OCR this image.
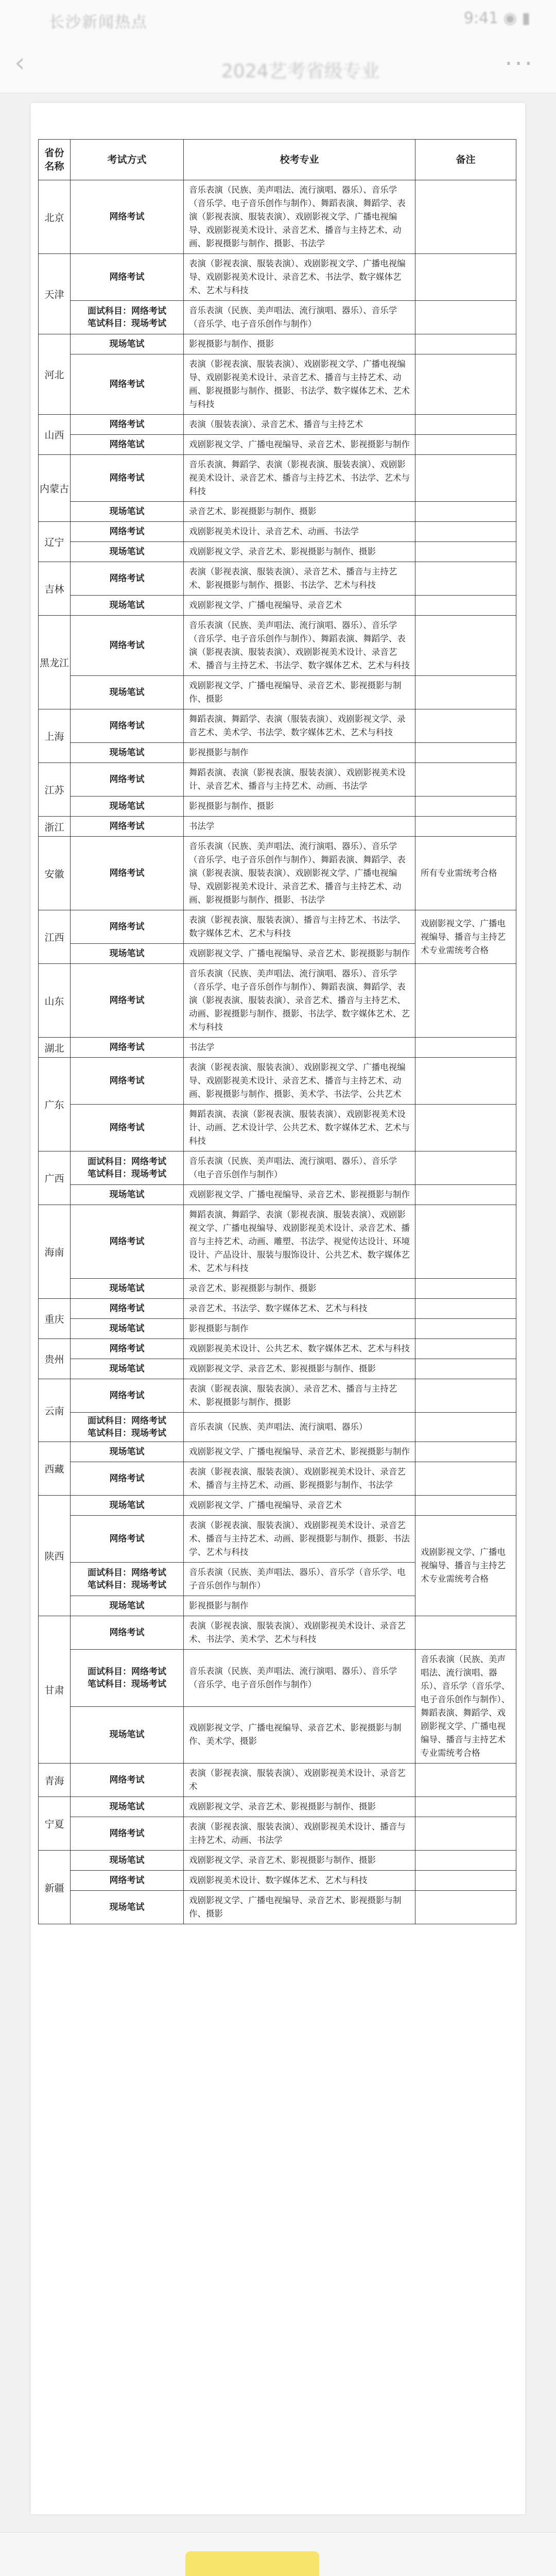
长沙新闻热点	9:41 ◉ ▮
‹	2024艺考省级专业	···
省份
名称	考试方式	校考专业	备注
北京	网络考试	音乐表演（民族、美声唱法、流行演唱、器乐）、音乐学（音乐学、电子音乐创作与制作）、舞蹈表演、舞蹈学、表演（影视表演、服装表演）、戏剧影视文学、广播电视编导、戏剧影视美术设计、录音艺术、播音与主持艺术、动画、影视摄影与制作、摄影、书法学	
天津	网络考试	表演（影视表演、服装表演）、戏剧影视文学、广播电视编导、戏剧影视美术设计、录音艺术、书法学、数字媒体艺术、艺术与科技	
	面试科目：网络考试
笔试科目：现场考试	音乐表演（民族、美声唱法、流行演唱、器乐）、音乐学（音乐学、电子音乐创作与制作）	
河北	现场笔试	影视摄影与制作、摄影	
	网络考试	表演（影视表演、服装表演）、戏剧影视文学、广播电视编导、戏剧影视美术设计、录音艺术、播音与主持艺术、动画、影视摄影与制作、摄影、书法学、数字媒体艺术、艺术与科技	
山西	网络考试	表演（服装表演）、录音艺术、播音与主持艺术	
	网络笔试	戏剧影视文学、广播电视编导、录音艺术、影视摄影与制作	
内蒙古	网络考试	音乐表演、舞蹈学、表演（影视表演、服装表演）、戏剧影视美术设计、录音艺术、播音与主持艺术、书法学、艺术与科技	
	现场笔试	录音艺术、影视摄影与制作、摄影	
辽宁	网络考试	戏剧影视美术设计、录音艺术、动画、书法学	
	现场笔试	戏剧影视文学、录音艺术、影视摄影与制作、摄影	
吉林	网络考试	表演（影视表演、服装表演）、录音艺术、播音与主持艺术、影视摄影与制作、摄影、书法学、艺术与科技	
	现场笔试	戏剧影视文学、广播电视编导、录音艺术	
黑龙江	网络考试	音乐表演（民族、美声唱法、流行演唱、器乐）、音乐学（音乐学、电子音乐创作与制作）、舞蹈表演、舞蹈学、表演（影视表演、服装表演）、戏剧影视美术设计、录音艺术、播音与主持艺术、书法学、数字媒体艺术、艺术与科技	
	现场笔试	戏剧影视文学、广播电视编导、录音艺术、影视摄影与制作、摄影	
上海	网络考试	舞蹈表演、舞蹈学、表演（服装表演）、戏剧影视文学、录音艺术、美术学、书法学、数字媒体艺术、艺术与科技	
	现场笔试	影视摄影与制作	
江苏	网络考试	舞蹈表演、表演（影视表演、服装表演）、戏剧影视美术设计、录音艺术、播音与主持艺术、动画、书法学	
	现场笔试	影视摄影与制作、摄影	
浙江	网络考试	书法学	
安徽	网络考试	音乐表演（民族、美声唱法、流行演唱、器乐）、音乐学（音乐学、电子音乐创作与制作）、舞蹈表演、舞蹈学、表演（影视表演、服装表演）、戏剧影视文学、广播电视编导、戏剧影视美术设计、录音艺术、播音与主持艺术、动画、影视摄影与制作、摄影、书法学	所有专业需统考合格
江西	网络考试	表演（影视表演、服装表演）、播音与主持艺术、书法学、数字媒体艺术、艺术与科技	戏剧影视文学、广播电视编导、播音与主持艺术专业需统考合格
	现场笔试	戏剧影视文学、广播电视编导、录音艺术、影视摄影与制作	
山东	网络考试	音乐表演（民族、美声唱法、流行演唱、器乐）、音乐学（音乐学、电子音乐创作与制作）、舞蹈表演、舞蹈学、表演（影视表演、服装表演）、录音艺术、播音与主持艺术、动画、影视摄影与制作、摄影、书法学、数字媒体艺术、艺术与科技	
湖北	网络考试	书法学	
广东	网络考试	表演（影视表演、服装表演）、戏剧影视文学、广播电视编导、戏剧影视美术设计、录音艺术、播音与主持艺术、动画、影视摄影与制作、摄影、美术学、书法学、公共艺术	
	网络考试	舞蹈表演、表演（影视表演、服装表演）、戏剧影视美术设计、动画、艺术设计学、公共艺术、数字媒体艺术、艺术与科技	
广西	面试科目：网络考试
笔试科目：现场考试	音乐表演（民族、美声唱法、流行演唱、器乐）、音乐学（电子音乐创作与制作）	
	现场笔试	戏剧影视文学、广播电视编导、录音艺术、影视摄影与制作	
海南	网络考试	舞蹈表演、舞蹈学、表演（影视表演、服装表演）、戏剧影视文学、广播电视编导、戏剧影视美术设计、录音艺术、播音与主持艺术、动画、雕塑、书法学、视觉传达设计、环境设计、产品设计、服装与服饰设计、公共艺术、数字媒体艺术、艺术与科技	
	现场笔试	录音艺术、影视摄影与制作、摄影	
重庆	网络考试	录音艺术、书法学、数字媒体艺术、艺术与科技	
	现场笔试	影视摄影与制作	
贵州	网络考试	戏剧影视美术设计、公共艺术、数字媒体艺术、艺术与科技	
	现场笔试	戏剧影视文学、录音艺术、影视摄影与制作、摄影	
云南	网络考试	表演（影视表演、服装表演）、录音艺术、播音与主持艺术、影视摄影与制作、摄影	
	面试科目：网络考试
笔试科目：现场考试	音乐表演（民族、美声唱法、流行演唱、器乐）	
西藏	现场笔试	戏剧影视文学、广播电视编导、录音艺术、影视摄影与制作	
	网络考试	表演（影视表演、服装表演）、戏剧影视美术设计、录音艺术、播音与主持艺术、动画、影视摄影与制作、书法学	
陕西	现场笔试	戏剧影视文学、广播电视编导、录音艺术	
	网络考试	表演（影视表演、服装表演）、戏剧影视美术设计、录音艺术、播音与主持艺术、动画、影视摄影与制作、摄影、书法学、艺术与科技	戏剧影视文学、广播电视编导、播音与主持艺术专业需统考合格
	面试科目：网络考试
笔试科目：现场考试	音乐表演（民族、美声唱法、器乐）、音乐学（音乐学、电子音乐创作与制作）	
	现场笔试	影视摄影与制作	
甘肃	网络考试	表演（影视表演、服装表演）、戏剧影视美术设计、录音艺术、书法学、美术学、艺术与科技	
	面试科目：网络考试
笔试科目：现场考试	音乐表演（民族、美声唱法、流行演唱、器乐）、音乐学（音乐学、电子音乐创作与制作）	音乐表演（民族、美声唱法、流行演唱、器乐）、音乐学（音乐学、电子音乐创作与制作）、舞蹈表演、舞蹈学、戏剧影视文学、广播电视编导、播音与主持艺术专业需统考合格
	现场笔试	戏剧影视文学、广播电视编导、录音艺术、影视摄影与制作、美术学、摄影	
青海	网络考试	表演（影视表演、服装表演）、戏剧影视美术设计、录音艺术	
宁夏	现场笔试	戏剧影视文学、录音艺术、影视摄影与制作、摄影	
	网络考试	表演（影视表演、服装表演）、戏剧影视美术设计、播音与主持艺术、动画、书法学	
新疆	现场笔试	戏剧影视文学、录音艺术、影视摄影与制作、摄影	
	网络考试	戏剧影视美术设计、数字媒体艺术、艺术与科技	
	现场笔试	戏剧影视文学、广播电视编导、录音艺术、影视摄影与制作、摄影	
